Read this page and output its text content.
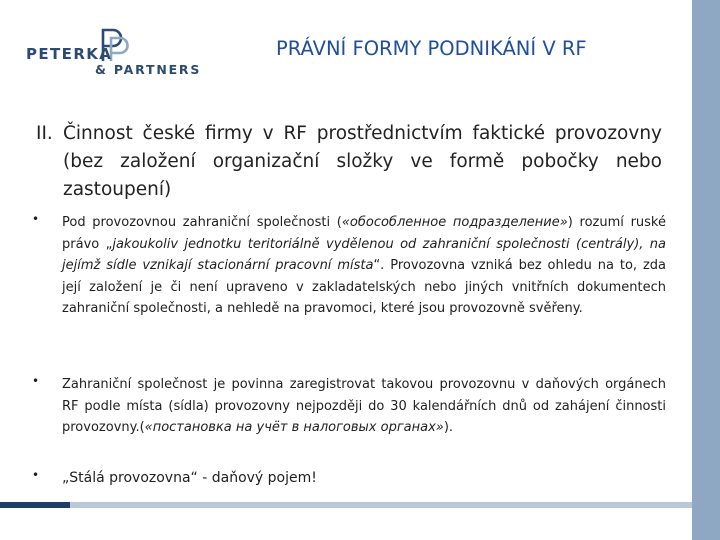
PETERKA
& PARTNERS
PRÁVNÍ FORMY PODNIKÁNÍ V RF
II. Činnost české firmy v RF prostřednictvím faktické provozovny (bez založení organizační složky ve formě pobočky nebo zastoupení)
• Pod provozovnou zahraniční společnosti («обособленное подразделение») rozumí ruské právo „jakoukoliv jednotku teritoriálně vydělenou od zahraniční společnosti (centrály), na jejímž sídle vznikají stacionární pracovní místa“. Provozovna vzniká bez ohledu na to, zda její založení je či není upraveno v zakladatelských nebo jiných vnitřních dokumentech zahraniční společnosti, a nehledě na pravomoci, které jsou provozovně svěřeny.
• Zahraniční společnost je povinna zaregistrovat takovou provozovnu v daňových orgánech RF podle místa (sídla) provozovny nejpozději do 30 kalendářních dnů od zahájení činnosti provozovny.(«постановка на учёт в налоговых органах»).
• „Stálá provozovna“ - daňový pojem!
